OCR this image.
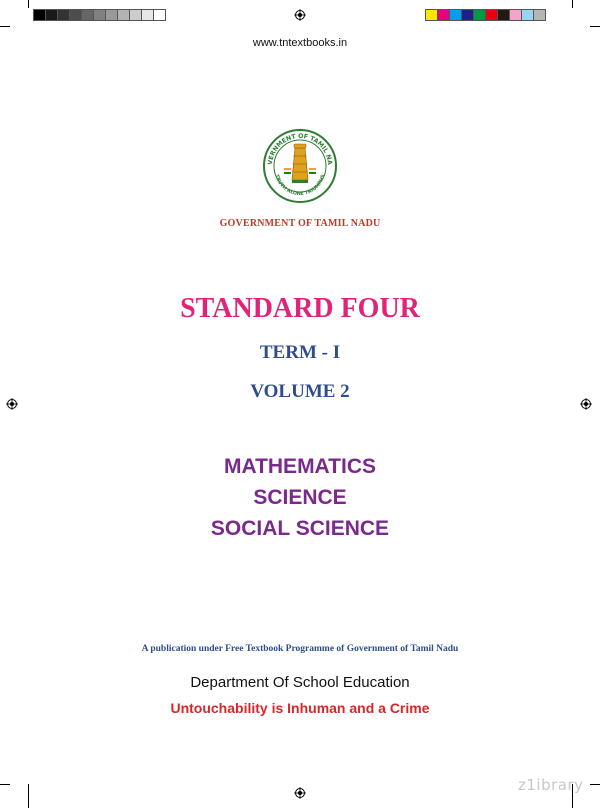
www.tntextbooks.in
VERNMENT OF TAMIL NA
TRUTH ALONE TRIUMPHS
GOVERNMENT OF TAMIL NADU
STANDARD FOUR
TERM - I
VOLUME 2
MATHEMATICS
SCIENCE
SOCIAL SCIENCE
A publication under Free Textbook Programme of Government of Tamil Nadu
Department Of School Education
Untouchability is Inhuman and a Crime
z1ibrary
